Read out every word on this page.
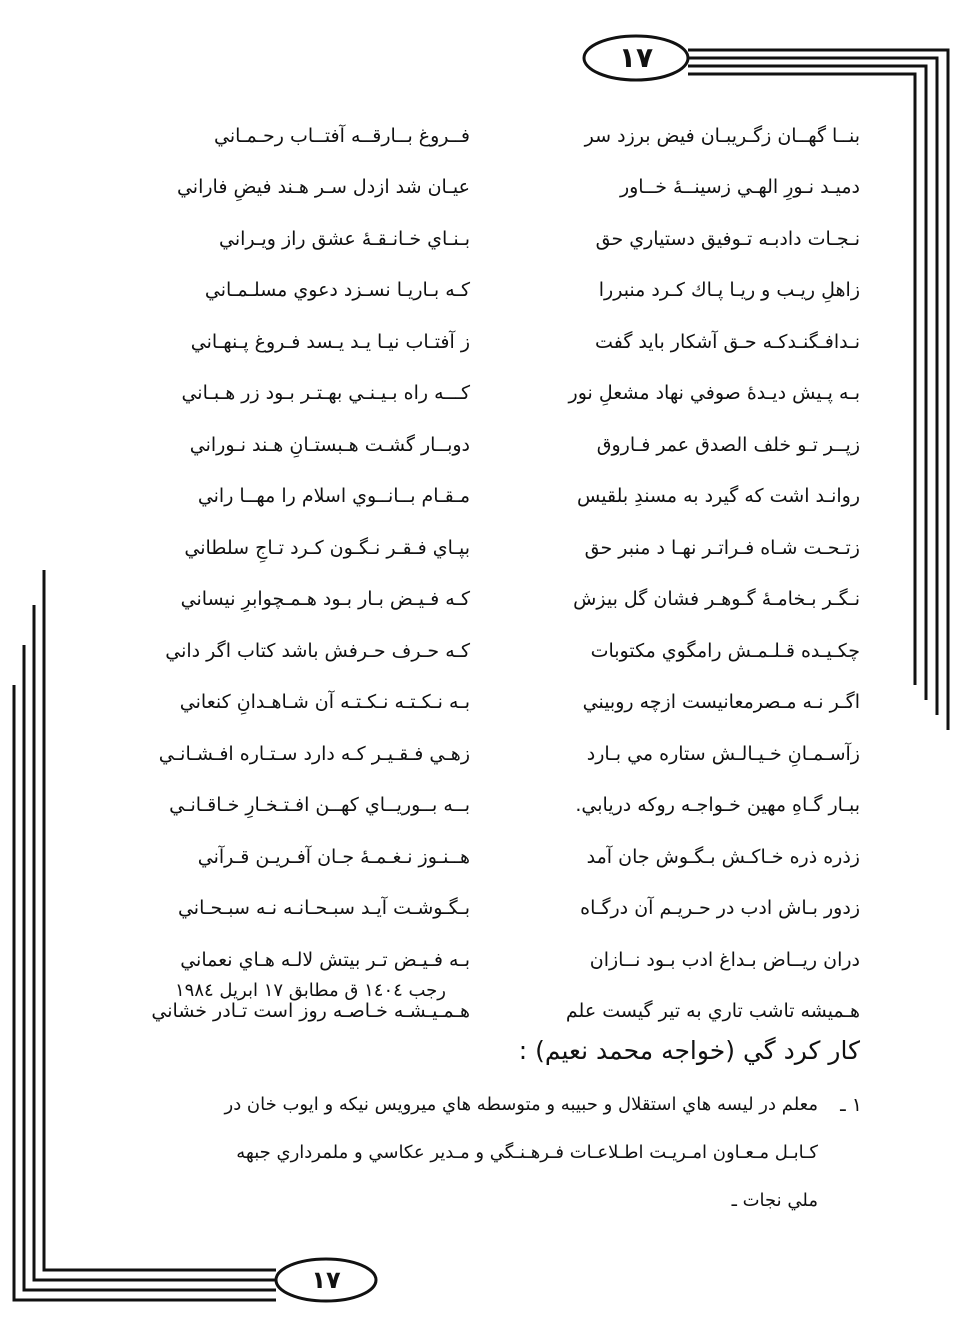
۱۷
بنــا گهــان زگـريبـان فيض برزد سر
فــروغ بــارقــه آفتــاب رحـمـاني
دميـد نـورِ الهـي زسينــهٔ خــاور
عيـان شد ازدل سـر هـند فيضِ فاراني
نـجـات دادبـه تـوفيق دستياري حق
بـنـاي خـانـقـهٔ عشق راز ويـراني
زاهلِ ريـب و ريـا پـاك كـرد منبررا
كـه بـاريـا نسـزد دعوي مسلـمـاني
نـدافـگنـدكـه حـق آشكار بايد گفت
ز آفتـاب نيـا يـد يـسد فـروغ پـنهـاني
بـه پـيش ديـدهٔ صوفي نهاد مشعلِ نور
كـــه راه بـيـنـي بهـتـر بـود زر هـبـاني
زپــر تـو خلف الصدق عمر فـاروق
دوبــار گشـت هـبستـانِ هـند نـوراني
روانـد اشت كه گيرد به مسندِ بلقيس
مـقـام بــانــوي اسلام را مهــا راني
زتـحـت شـاه فـراتـر نهـا د منبر حق
بپـاي فـقـر نـگـون كـرد تـاجِ سلطاني
نـگـر بـخامـهٔ گـوهـر فشان گل بيزش
كـه فـيـض بـار بـود هـمـچوابرِ نيساني
چكـيـده قـلـمـش رامگوي مكتوبات
كـه حـرف حـرفش باشد كتاب اگر داني
اگـر نـه مـصرمعانيست ازچه روبيني
بـه نـكـتـه نـكـتـه آن شـاهـدانِ كنعاني
زآسـمـانِ خـيـالـش ستاره مي بـارد
زهـي فـقـيـر كـه دارد سـتـاره افـشـانـي
ببـار گـاهِ مهين خـواجـه روكه دريابي.
بــه بــوريــاي كهــن افـتـخـارِ خـاقـانـي
زذره ذره خـاكـش بـگـوش جان آمد
هــنـوز نـغـمـهٔ جـان آفـريـن قـرآني
زدور بـاش ادب در حـريـم آن درگـاه
بـگـوشـت آيـد سبـحـانـه نـه سبـحـاني
دران ريــاض بـداغ ادب بـود نــازان
بـه فـيـض تـر بيتش لالـه هـاي نعماني
هـميشه تاشب تاري به تير گيست علم
هـمـيـشـه خـاصـه روز است تـادر خشاني
رجب ١٤٠٤ ق مطابق ١٧ ابريل ١٩٨٤
كار كرد گي (خواجه محمد نعيم) :
١ ـ
معلم در ليسه هاي استقلال و حبيبه و متوسطه هاي ميرويس نيكه و ايوب خان در
كـابـل مـعـاون امـريـت اطـلاعـات فـرهـنـگي و مـدير عكاسي و ملمرداري جبهه
ملي نجات ـ
۱۷
